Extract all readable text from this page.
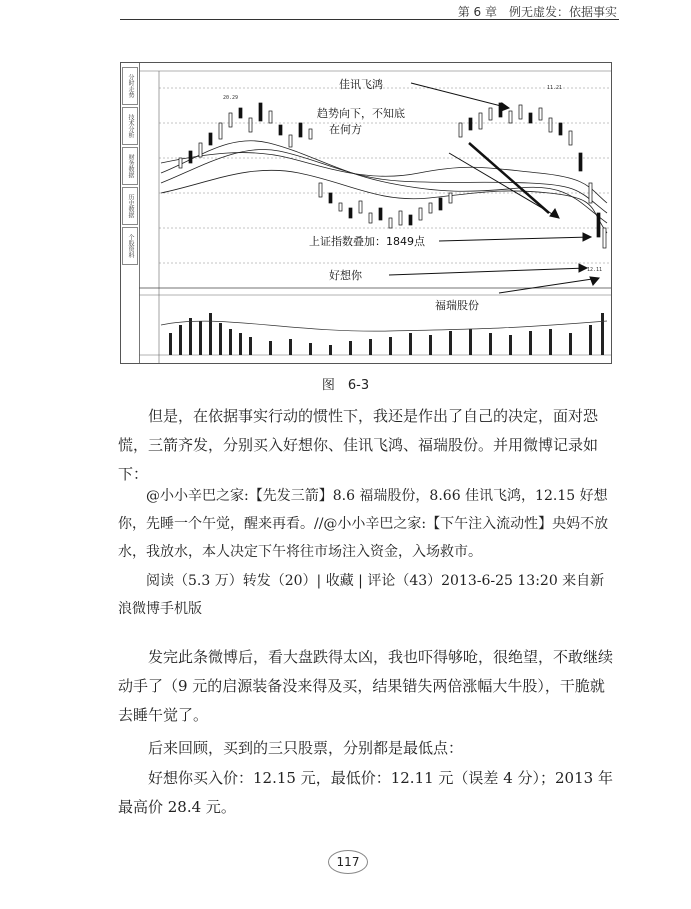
第 6 章　例无虚发：依据事实
分时走势
技术分析
财务数据
历史数据
个股资料
佳讯飞鸿
趋势向下，不知底
在何方
上证指数叠加：1849点
好想你
福瑞股份
20.29
11.21
12.11
图　6-3
但是，在依据事实行动的惯性下，我还是作出了自己的决定，面对恐慌，三箭齐发，分别买入好想你、佳讯飞鸿、福瑞股份。并用微博记录如下：
@小小辛巴之家:【先发三箭】8.6 福瑞股份，8.66 佳讯飞鸿，12.15 好想你，先睡一个午觉，醒来再看。//@小小辛巴之家:【下午注入流动性】央妈不放水，我放水，本人决定下午将往市场注入资金，入场救市。
阅读（5.3 万）转发（20）| 收藏 | 评论（43）2013-6-25 13:20 来自新浪微博手机版
发完此条微博后，看大盘跌得太凶，我也吓得够呛，很绝望，不敢继续动手了（9 元的启源装备没来得及买，结果错失两倍涨幅大牛股），干脆就去睡午觉了。
后来回顾，买到的三只股票，分别都是最低点：
好想你买入价：12.15 元，最低价：12.11 元（误差 4 分）；2013 年最高价 28.4 元。
117
